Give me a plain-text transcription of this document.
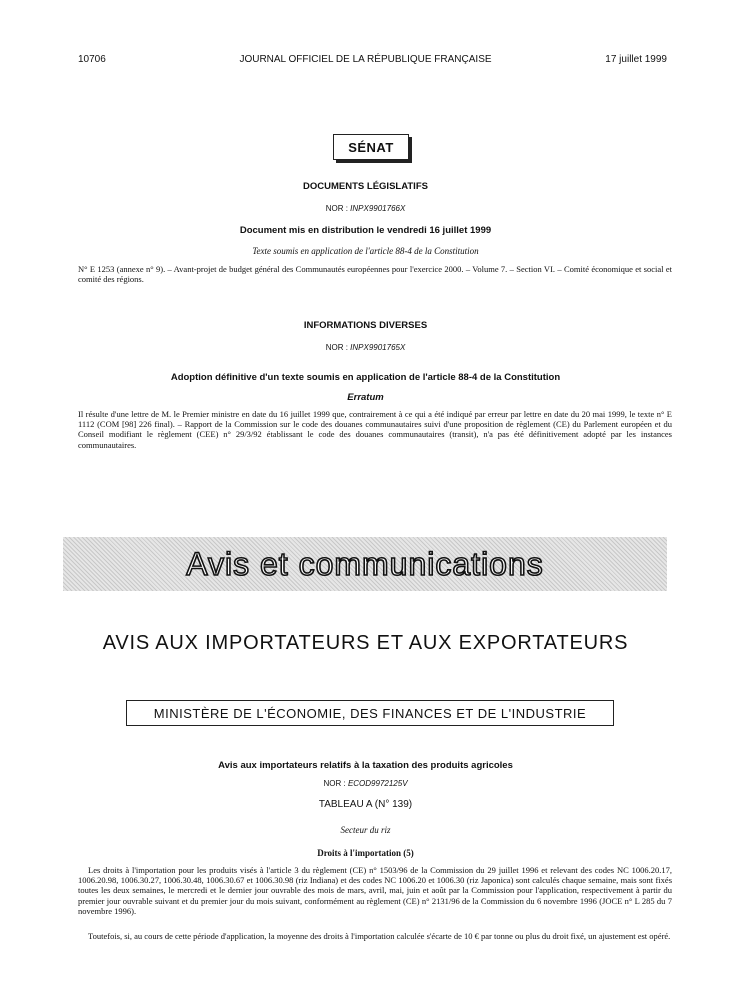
10706	JOURNAL OFFICIEL DE LA RÉPUBLIQUE FRANÇAISE	17 juillet 1999
SÉNAT
DOCUMENTS LÉGISLATIFS
NOR : INPX9901766X
Document mis en distribution le vendredi 16 juillet 1999
Texte soumis en application de l'article 88-4 de la Constitution
N° E 1253 (annexe n° 9). – Avant-projet de budget général des Communautés européennes pour l'exercice 2000. – Volume 7. – Section VI. – Comité économique et social et comité des régions.
INFORMATIONS DIVERSES
NOR : INPX9901765X
Adoption définitive d'un texte soumis en application de l'article 88-4 de la Constitution
Erratum
Il résulte d'une lettre de M. le Premier ministre en date du 16 juillet 1999 que, contrairement à ce qui a été indiqué par erreur par lettre en date du 20 mai 1999, le texte n° E 1112 (COM [98] 226 final). – Rapport de la Commission sur le code des douanes communautaires suivi d'une proposition de règlement (CE) du Parlement européen et du Conseil modifiant le règlement (CEE) n° 29/3/92 établissant le code des douanes communautaires (transit), n'a pas été définitivement adopté par les instances communautaires.
Avis et communications
AVIS AUX IMPORTATEURS ET AUX EXPORTATEURS
MINISTÈRE DE L'ÉCONOMIE, DES FINANCES ET DE L'INDUSTRIE
Avis aux importateurs relatifs à la taxation des produits agricoles
NOR : ECOD9972125V
TABLEAU A (N° 139)
Secteur du riz
Droits à l'importation (5)
Les droits à l'importation pour les produits visés à l'article 3 du règlement (CE) n° 1503/96 de la Commission du 29 juillet 1996 et relevant des codes NC 1006.20.17, 1006.20.98, 1006.30.27, 1006.30.48, 1006.30.67 et 1006.30.98 (riz Indiana) et des codes NC 1006.20 et 1006.30 (riz Japonica) sont calculés chaque semaine, mais sont fixés toutes les deux semaines, le mercredi et le dernier jour ouvrable des mois de mars, avril, mai, juin et août par la Commission pour l'application, respectivement à partir du premier jour ouvrable suivant et du premier jour du mois suivant, conformément au règlement (CE) n° 2131/96 de la Commission du 6 novembre 1996 (JOCE n° L 285 du 7 novembre 1996).
Toutefois, si, au cours de cette période d'application, la moyenne des droits à l'importation calculée s'écarte de 10 € par tonne ou plus du droit fixé, un ajustement est opéré.
